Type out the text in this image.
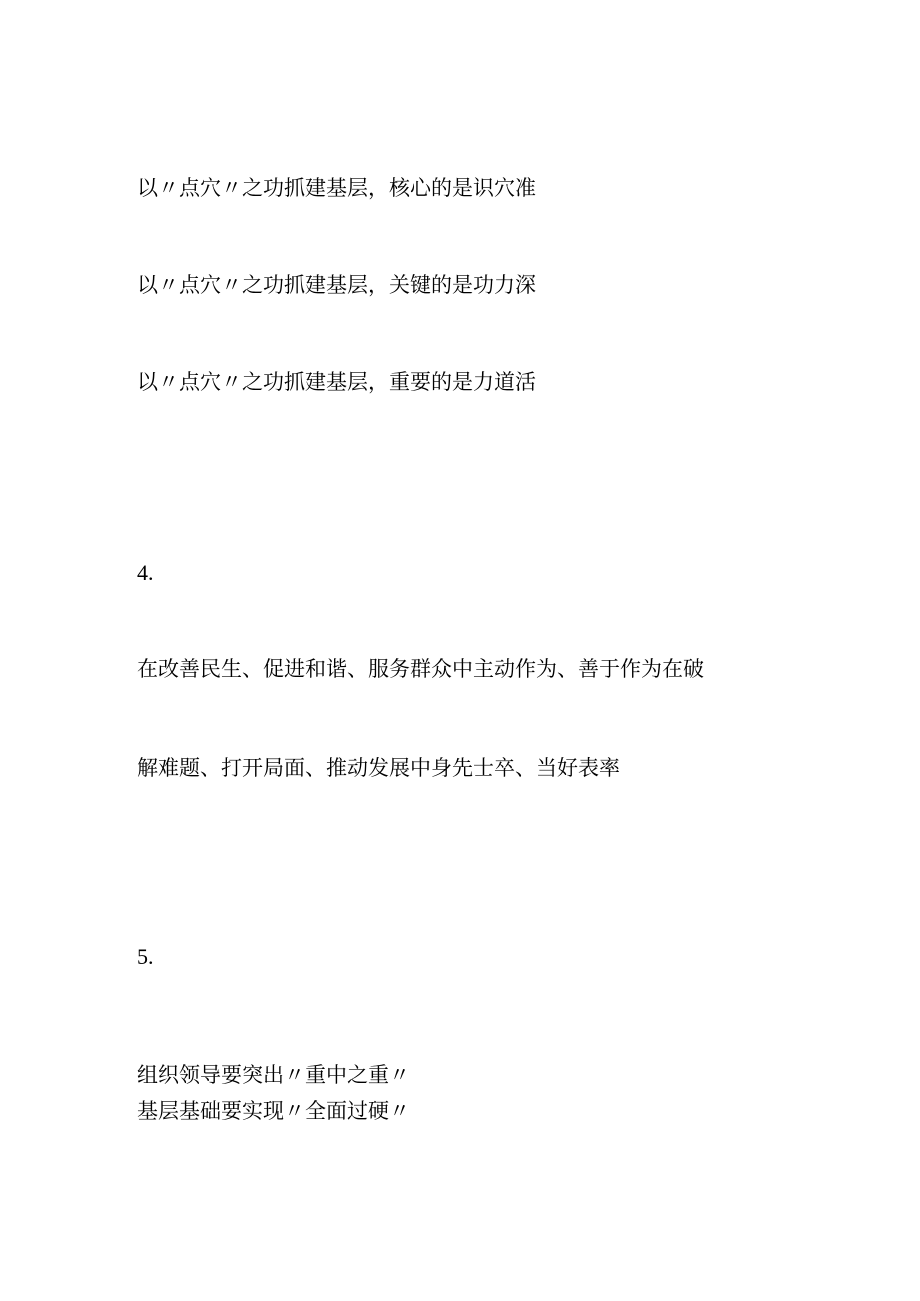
以〃点穴〃之功抓建基层，核心的是识穴准
以〃点穴〃之功抓建基层，关键的是功力深
以〃点穴〃之功抓建基层，重要的是力道活
4.
在改善民生、促进和谐、服务群众中主动作为、善于作为在破
解难题、打开局面、推动发展中身先士卒、当好表率
5.
组织领导要突出〃重中之重〃
基层基础要实现〃全面过硬〃
